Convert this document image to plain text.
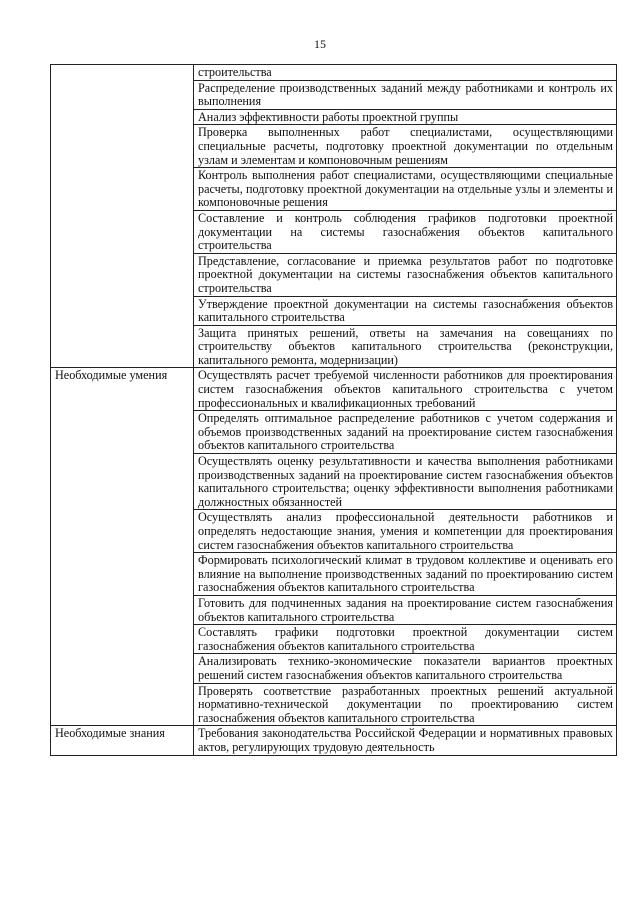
15
	строительства
	Распределение производственных заданий между работниками и контроль их выполнения
	Анализ эффективности работы проектной группы
	Проверка выполненных работ специалистами, осуществляющими специальные расчеты, подготовку проектной документации по отдельным узлам и элементам и компоновочным решениям
	Контроль выполнения работ специалистами, осуществляющими специальные расчеты, подготовку проектной документации на отдельные узлы и элементы и компоновочные решения
	Составление и контроль соблюдения графиков подготовки проектной документации на системы газоснабжения объектов капитального строительства
	Представление, согласование и приемка результатов работ по подготовке проектной документации на системы газоснабжения объектов капитального строительства
	Утверждение проектной документации на системы газоснабжения объектов капитального строительства
	Защита принятых решений, ответы на замечания на совещаниях по строительству объектов капитального строительства (реконструкции, капитального ремонта, модернизации)
Необходимые умения	Осуществлять расчет требуемой численности работников для проектирования систем газоснабжения объектов капитального строительства с учетом профессиональных и квалификационных требований
	Определять оптимальное распределение работников с учетом содержания и объемов производственных заданий на проектирование систем газоснабжения объектов капитального строительства
	Осуществлять оценку результативности и качества выполнения работниками производственных заданий на проектирование систем газоснабжения объектов капитального строительства; оценку эффективности выполнения работниками должностных обязанностей
	Осуществлять анализ профессиональной деятельности работников и определять недостающие знания, умения и компетенции для проектирования систем газоснабжения объектов капитального строительства
	Формировать психологический климат в трудовом коллективе и оценивать его влияние на выполнение производственных заданий по проектированию систем газоснабжения объектов капитального строительства
	Готовить для подчиненных задания на проектирование систем газоснабжения объектов капитального строительства
	Составлять графики подготовки проектной документации систем газоснабжения объектов капитального строительства
	Анализировать технико-экономические показатели вариантов проектных решений систем газоснабжения объектов капитального строительства
	Проверять соответствие разработанных проектных решений актуальной нормативно-технической документации по проектированию систем газоснабжения объектов капитального строительства
Необходимые знания	Требования законодательства Российской Федерации и нормативных правовых актов, регулирующих трудовую деятельность
